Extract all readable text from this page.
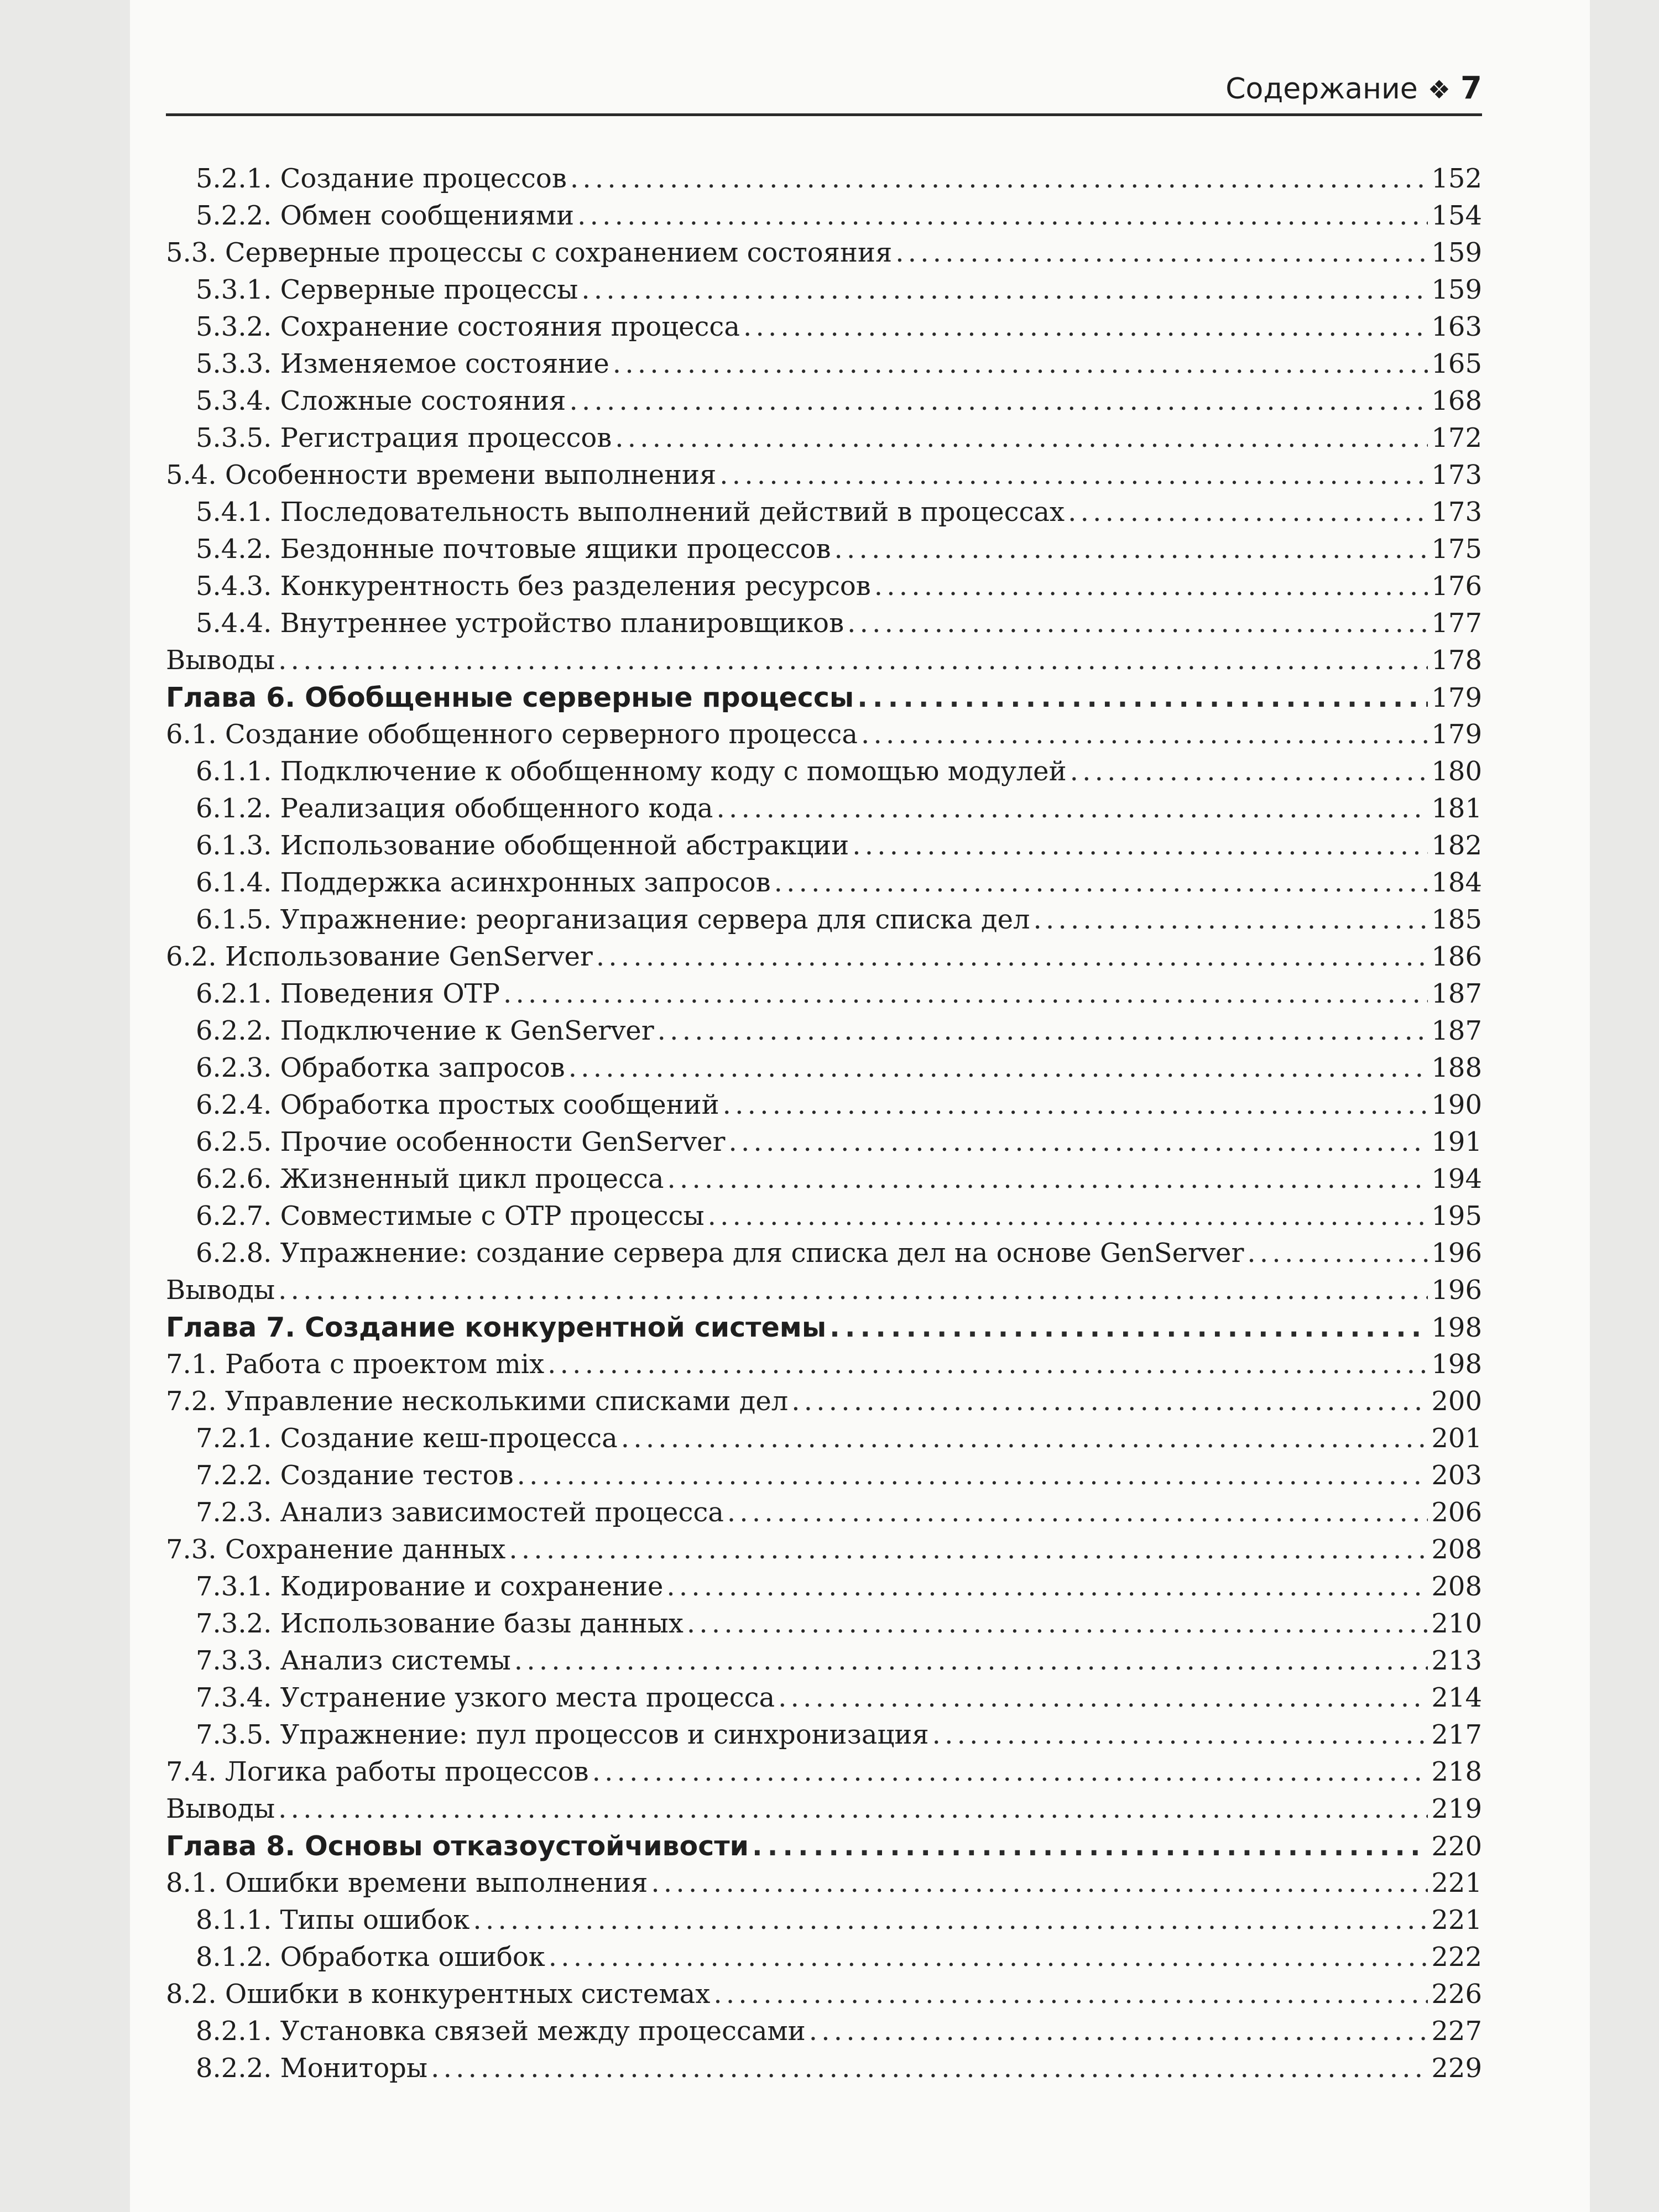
Содержание ❖ 7
5.2.1. Создание процессов . . .	152
5.2.2. Обмен сообщениями . . .	154
5.3. Серверные процессы с сохранением состояния . . .	159
5.3.1. Серверные процессы . . .	159
5.3.2. Сохранение состояния процесса . . .	163
5.3.3. Изменяемое состояние . . .	165
5.3.4. Сложные состояния . . .	168
5.3.5. Регистрация процессов . . .	172
5.4. Особенности времени выполнения . . .	173
5.4.1. Последовательность выполнений действий в процессах . . .	173
5.4.2. Бездонные почтовые ящики процессов . . .	175
5.4.3. Конкурентность без разделения ресурсов . . .	176
5.4.4. Внутреннее устройство планировщиков . . .	177
Выводы . . .	178
Глава 6. Обобщенные серверные процессы . . .	179
6.1. Создание обобщенного серверного процесса . . .	179
6.1.1. Подключение к обобщенному коду с помощью модулей . . .	180
6.1.2. Реализация обобщенного кода . . .	181
6.1.3. Использование обобщенной абстракции . . .	182
6.1.4. Поддержка асинхронных запросов . . .	184
6.1.5. Упражнение: реорганизация сервера для списка дел . . .	185
6.2. Использование GenServer . . .	186
6.2.1. Поведения OTP . . .	187
6.2.2. Подключение к GenServer . . .	187
6.2.3. Обработка запросов . . .	188
6.2.4. Обработка простых сообщений . . .	190
6.2.5. Прочие особенности GenServer . . .	191
6.2.6. Жизненный цикл процесса . . .	194
6.2.7. Совместимые с OTP процессы . . .	195
6.2.8. Упражнение: создание сервера для списка дел на основе GenServer . . .	196
Выводы . . .	196
Глава 7. Создание конкурентной системы . . .	198
7.1. Работа с проектом mix . . .	198
7.2. Управление несколькими списками дел . . .	200
7.2.1. Создание кеш-процесса . . .	201
7.2.2. Создание тестов . . .	203
7.2.3. Анализ зависимостей процесса . . .	206
7.3. Сохранение данных . . .	208
7.3.1. Кодирование и сохранение . . .	208
7.3.2. Использование базы данных . . .	210
7.3.3. Анализ системы . . .	213
7.3.4. Устранение узкого места процесса . . .	214
7.3.5. Упражнение: пул процессов и синхронизация . . .	217
7.4. Логика работы процессов . . .	218
Выводы . . .	219
Глава 8. Основы отказоустойчивости . . .	220
8.1. Ошибки времени выполнения . . .	221
8.1.1. Типы ошибок . . .	221
8.1.2. Обработка ошибок . . .	222
8.2. Ошибки в конкурентных системах . . .	226
8.2.1. Установка связей между процессами . . .	227
8.2.2. Мониторы . . .	229
